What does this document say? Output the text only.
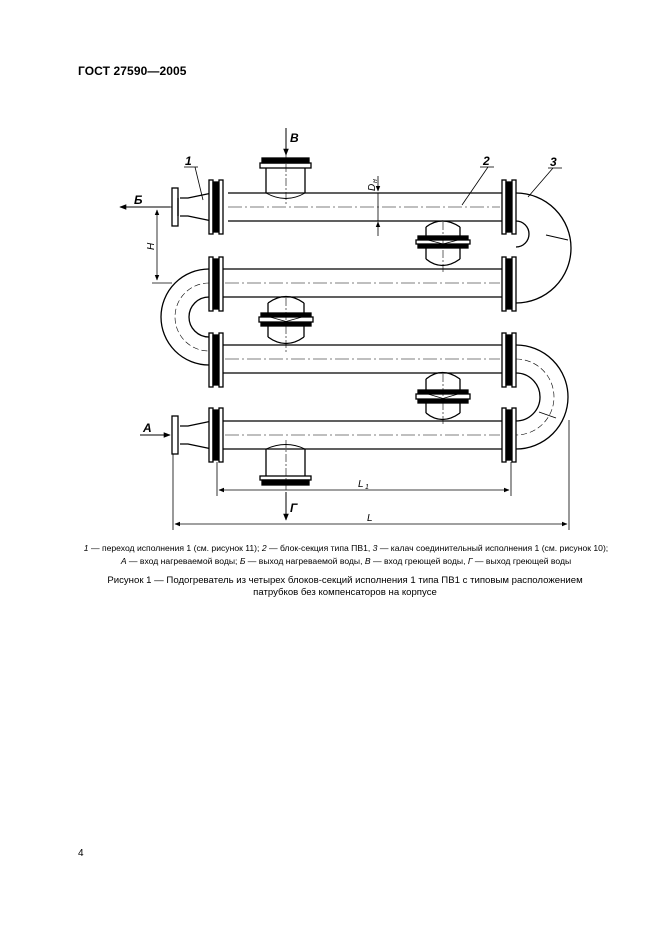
ГОСТ 27590—2005
1	2	3
В
Б
А
Г
H
D
н
L 1
L
1 — переход исполнения 1 (см. рисунок 11); 2 — блок-секция типа ПВ1, 3 — калач соединительный исполнения 1 (см. рисунок 10);
А — вход нагреваемой воды; Б — выход нагреваемой воды, В — вход греющей воды, Г — выход греющей воды
Рисунок 1 — Подогреватель из четырех блоков-секций исполнения 1 типа ПВ1 с типовым расположением
патрубков без компенсаторов на корпусе
4
